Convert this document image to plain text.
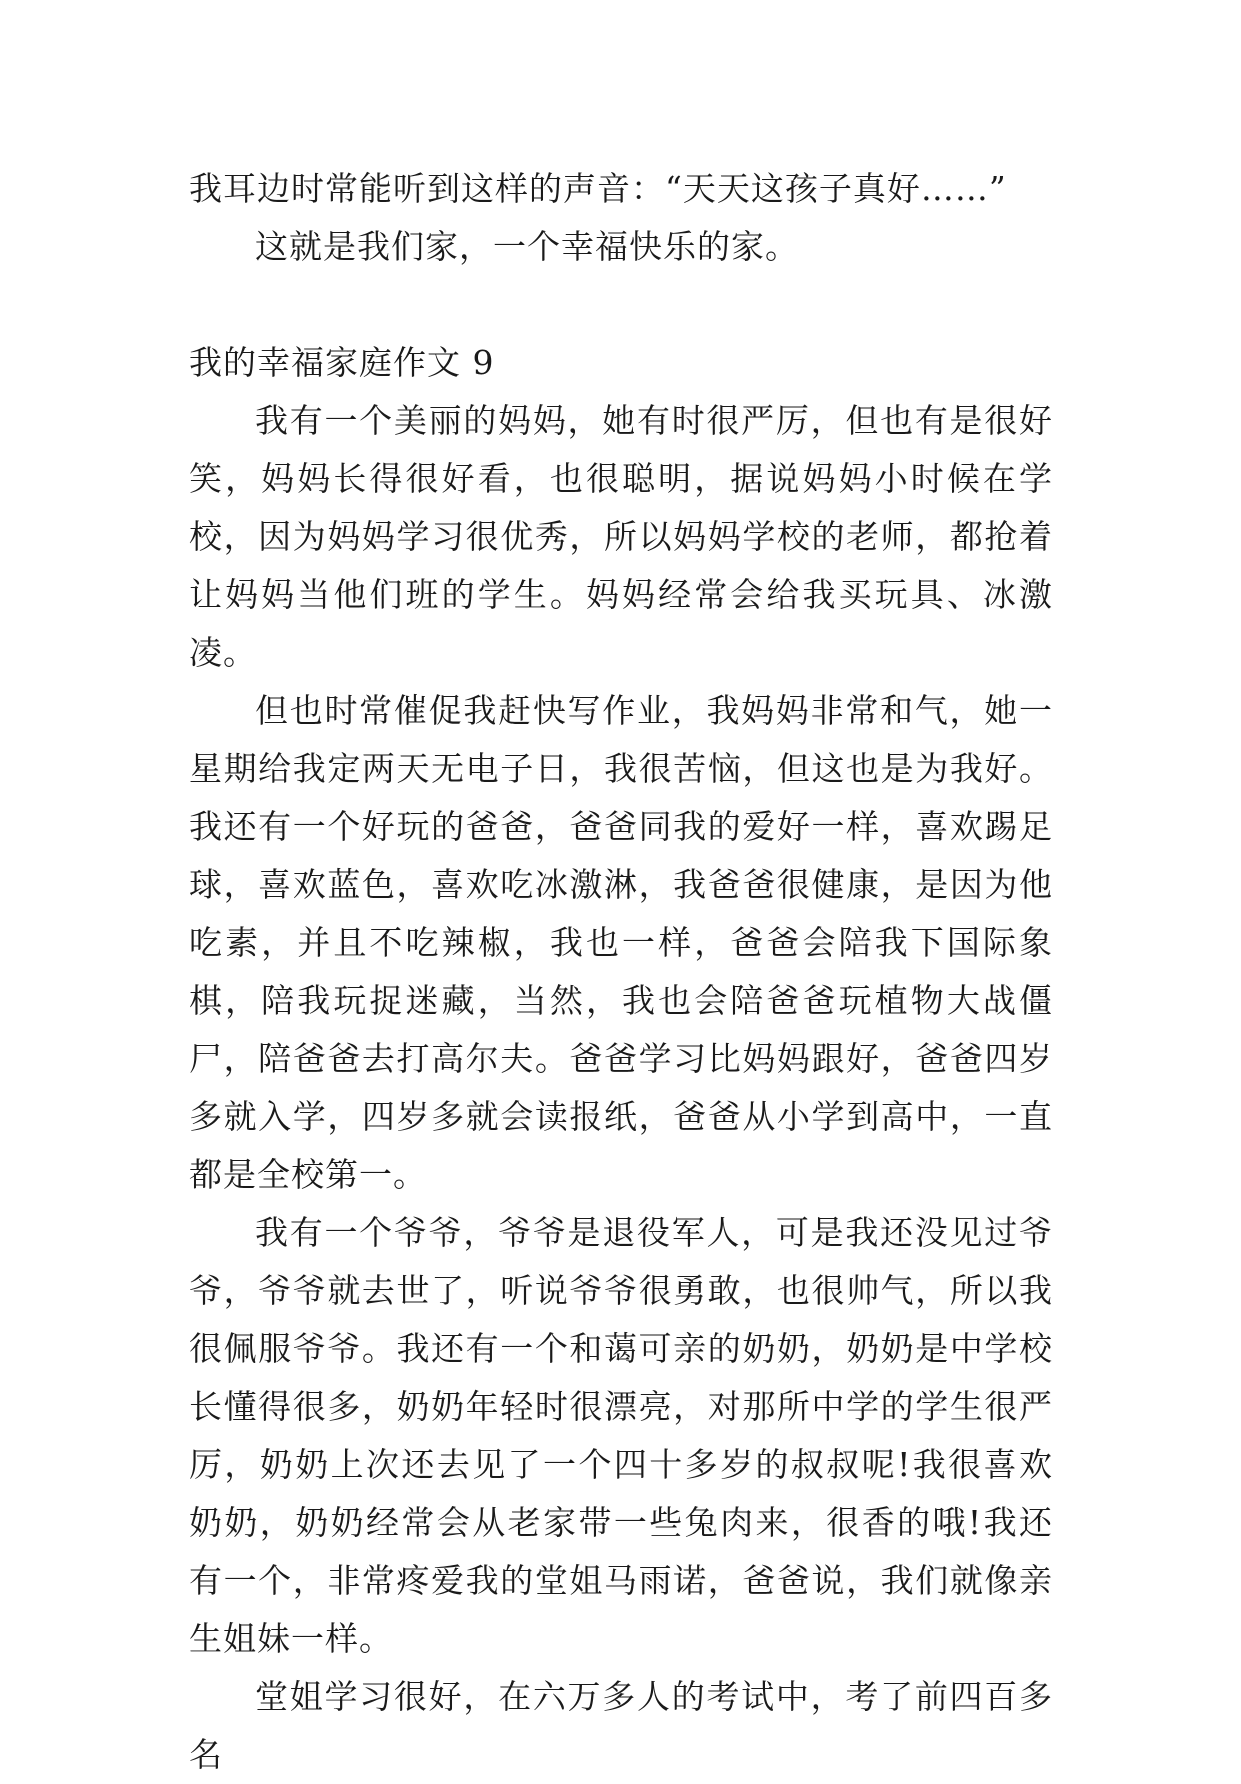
我耳边时常能听到这样的声音：“天天这孩子真好……”

这就是我们家，一个幸福快乐的家。

我的幸福家庭作文 9

我有一个美丽的妈妈，她有时很严厉，但也有是很好笑，妈妈长得很好看，也很聪明，据说妈妈小时候在学校，因为妈妈学习很优秀，所以妈妈学校的老师，都抢着让妈妈当他们班的学生。妈妈经常会给我买玩具、冰激凌。

但也时常催促我赶快写作业，我妈妈非常和气，她一星期给我定两天无电子日，我很苦恼，但这也是为我好。我还有一个好玩的爸爸，爸爸同我的爱好一样，喜欢踢足球，喜欢蓝色，喜欢吃冰激淋，我爸爸很健康，是因为他吃素，并且不吃辣椒，我也一样，爸爸会陪我下国际象棋，陪我玩捉迷藏，当然，我也会陪爸爸玩植物大战僵尸，陪爸爸去打高尔夫。爸爸学习比妈妈跟好，爸爸四岁多就入学，四岁多就会读报纸，爸爸从小学到高中，一直都是全校第一。

我有一个爷爷，爷爷是退役军人，可是我还没见过爷爷，爷爷就去世了，听说爷爷很勇敢，也很帅气，所以我很佩服爷爷。我还有一个和蔼可亲的奶奶，奶奶是中学校长懂得很多，奶奶年轻时很漂亮，对那所中学的学生很严厉，奶奶上次还去见了一个四十多岁的叔叔呢!我很喜欢奶奶，奶奶经常会从老家带一些兔肉来，很香的哦!我还有一个，非常疼爱我的堂姐马雨诺，爸爸说，我们就像亲生姐妹一样。

堂姐学习很好，在六万多人的考试中，考了前四百多名
